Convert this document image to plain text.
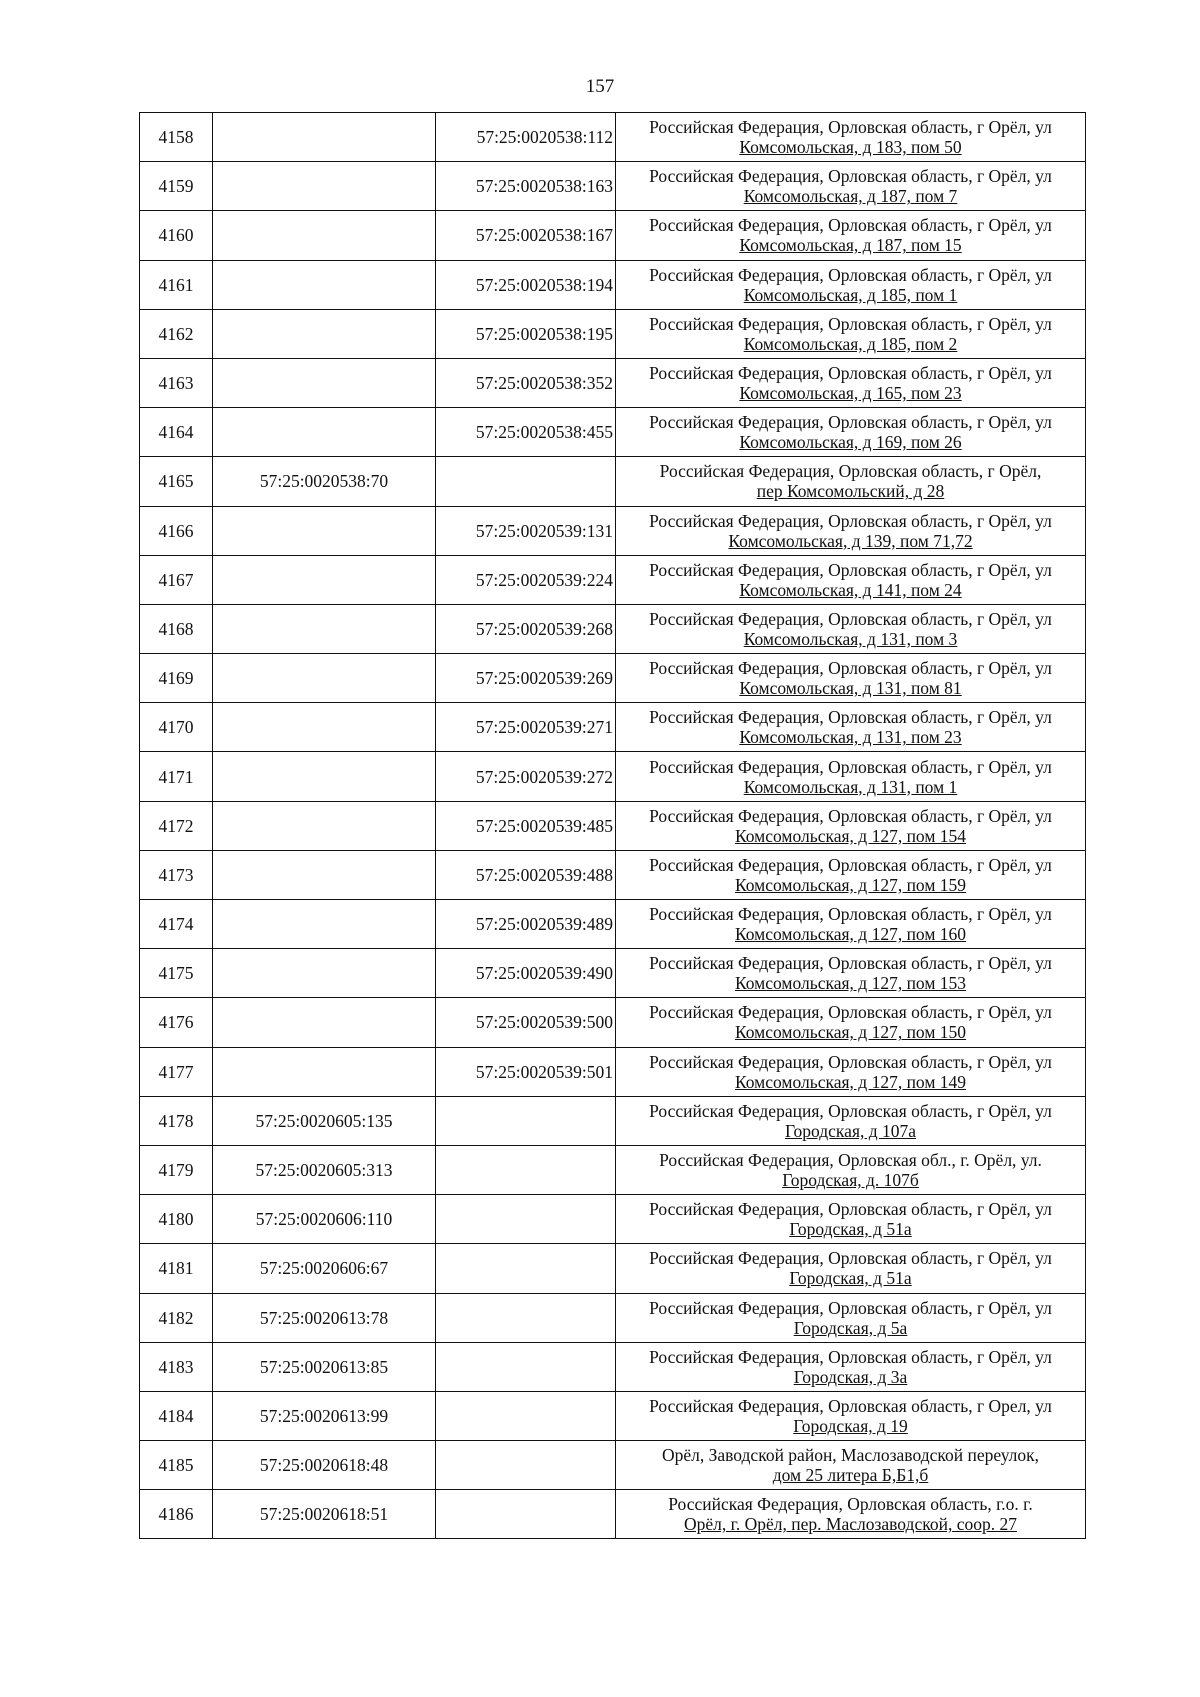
157
4158		57:25:0020538:112	Российская Федерация, Орловская область, г Орёл, ул
Комсомольская, д 183, пом 50

4159		57:25:0020538:163	Российская Федерация, Орловская область, г Орёл, ул
Комсомольская, д 187, пом 7

4160		57:25:0020538:167	Российская Федерация, Орловская область, г Орёл, ул
Комсомольская, д 187, пом 15

4161		57:25:0020538:194	Российская Федерация, Орловская область, г Орёл, ул
Комсомольская, д 185, пом 1

4162		57:25:0020538:195	Российская Федерация, Орловская область, г Орёл, ул
Комсомольская, д 185, пом 2

4163		57:25:0020538:352	Российская Федерация, Орловская область, г Орёл, ул
Комсомольская, д 165, пом 23

4164		57:25:0020538:455	Российская Федерация, Орловская область, г Орёл, ул
Комсомольская, д 169, пом 26

4165	57:25:0020538:70		Российская Федерация, Орловская область, г Орёл,
пер Комсомольский, д 28

4166		57:25:0020539:131	Российская Федерация, Орловская область, г Орёл, ул
Комсомольская, д 139, пом 71,72

4167		57:25:0020539:224	Российская Федерация, Орловская область, г Орёл, ул
Комсомольская, д 141, пом 24

4168		57:25:0020539:268	Российская Федерация, Орловская область, г Орёл, ул
Комсомольская, д 131, пом 3

4169		57:25:0020539:269	Российская Федерация, Орловская область, г Орёл, ул
Комсомольская, д 131, пом 81

4170		57:25:0020539:271	Российская Федерация, Орловская область, г Орёл, ул
Комсомольская, д 131, пом 23

4171		57:25:0020539:272	Российская Федерация, Орловская область, г Орёл, ул
Комсомольская, д 131, пом 1

4172		57:25:0020539:485	Российская Федерация, Орловская область, г Орёл, ул
Комсомольская, д 127, пом 154

4173		57:25:0020539:488	Российская Федерация, Орловская область, г Орёл, ул
Комсомольская, д 127, пом 159

4174		57:25:0020539:489	Российская Федерация, Орловская область, г Орёл, ул
Комсомольская, д 127, пом 160

4175		57:25:0020539:490	Российская Федерация, Орловская область, г Орёл, ул
Комсомольская, д 127, пом 153

4176		57:25:0020539:500	Российская Федерация, Орловская область, г Орёл, ул
Комсомольская, д 127, пом 150

4177		57:25:0020539:501	Российская Федерация, Орловская область, г Орёл, ул
Комсомольская, д 127, пом 149

4178	57:25:0020605:135		Российская Федерация, Орловская область, г Орёл, ул
Городская, д 107а

4179	57:25:0020605:313		Российская Федерация, Орловская обл., г. Орёл, ул.
Городская, д. 107б

4180	57:25:0020606:110		Российская Федерация, Орловская область, г Орёл, ул
Городская, д 51а

4181	57:25:0020606:67		Российская Федерация, Орловская область, г Орёл, ул
Городская, д 51а

4182	57:25:0020613:78		Российская Федерация, Орловская область, г Орёл, ул
Городская, д 5а

4183	57:25:0020613:85		Российская Федерация, Орловская область, г Орёл, ул
Городская, д 3а

4184	57:25:0020613:99		Российская Федерация, Орловская область, г Орел, ул
Городская, д 19

4185	57:25:0020618:48		Орёл, Заводской район, Маслозаводской переулок,
дом 25 литера Б,Б1,б

4186	57:25:0020618:51		Российская Федерация, Орловская область, г.о. г.
Орёл, г. Орёл, пер. Маслозаводской, соор. 27
